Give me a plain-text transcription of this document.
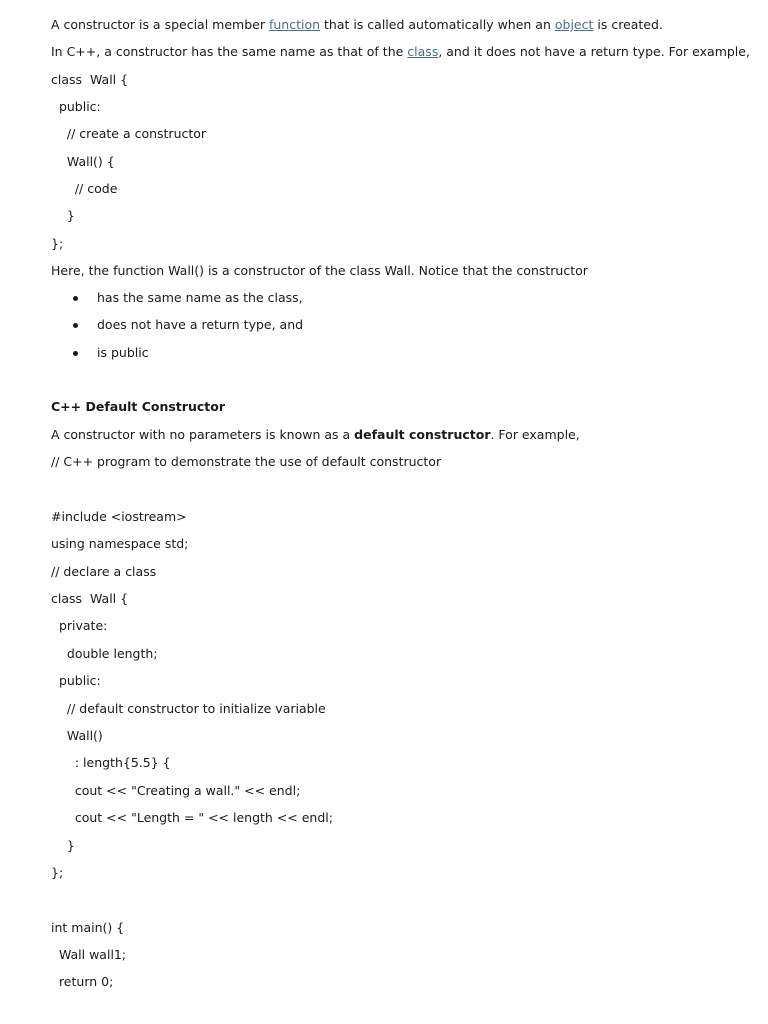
A constructor is a special member function that is called automatically when an object is created.
In C++, a constructor has the same name as that of the class, and it does not have a return type. For example,
class  Wall {
public:
// create a constructor
Wall() {
// code
}
};
Here, the function Wall() is a constructor of the class Wall. Notice that the constructor
has the same name as the class,
does not have a return type, and
is public
C++ Default Constructor
A constructor with no parameters is known as a default constructor. For example,
// C++ program to demonstrate the use of default constructor
#include <iostream>
using namespace std;
// declare a class
class  Wall {
private:
double length;
public:
// default constructor to initialize variable
Wall()
: length{5.5} {
cout << "Creating a wall." << endl;
cout << "Length = " << length << endl;
}
};
int main() {
Wall wall1;
return 0;
